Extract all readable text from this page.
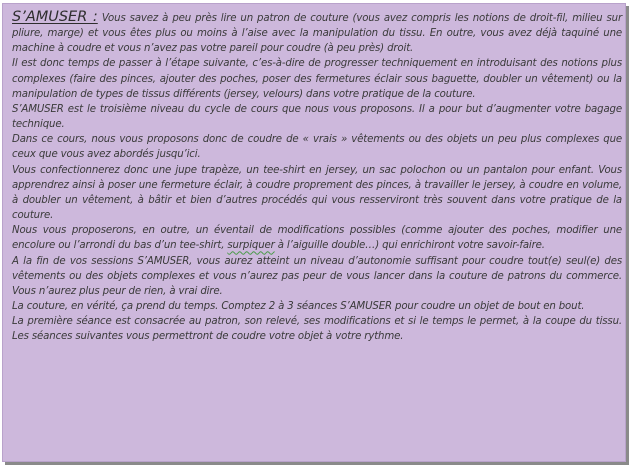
S’AMUSER : Vous savez à peu près lire un patron de couture (vous avez compris les notions de droit-fil, milieu sur pliure, marge) et vous êtes plus ou moins à l’aise avec la manipulation du tissu. En outre, vous avez déjà taquiné une machine à coudre et vous n’avez pas votre pareil pour coudre (à peu près) droit.

Il est donc temps de passer à l’étape suivante, c’es-à-dire de progresser techniquement en introduisant des notions plus complexes (faire des pinces, ajouter des poches, poser des fermetures éclair sous baguette, doubler un vêtement) ou la manipulation de types de tissus différents (jersey, velours) dans votre pratique de la couture.

S’AMUSER est le troisième niveau du cycle de cours que nous vous proposons. Il a pour but d’augmenter votre bagage technique.

Dans ce cours, nous vous proposons donc de coudre de « vrais » vêtements ou des objets un peu plus complexes que ceux que vous avez abordés jusqu’ici.

Vous confectionnerez donc une jupe trapèze, un tee-shirt en jersey, un sac polochon ou un pantalon pour enfant. Vous apprendrez ainsi à poser une fermeture éclair, à coudre proprement des pinces, à travailler le jersey, à coudre en volume, à doubler un vêtement, à bâtir et bien d’autres procédés qui vous resserviront très souvent dans votre pratique de la couture.

Nous vous proposerons, en outre, un éventail de modifications possibles (comme ajouter des poches, modifier une encolure ou l’arrondi du bas d’un tee-shirt, surpiquer à l’aiguille double…) qui enrichiront votre savoir-faire.

A la fin de vos sessions S’AMUSER, vous aurez atteint un niveau d’autonomie suffisant pour coudre tout(e) seul(e) des vêtements ou des objets complexes et vous n’aurez pas peur de vous lancer dans la couture de patrons du commerce. Vous n’aurez plus peur de rien, à vrai dire.

La couture, en vérité, ça prend du temps. Comptez 2 à 3 séances S’AMUSER pour coudre un objet de bout en bout.

La première séance est consacrée au patron, son relevé, ses modifications et si le temps le permet, à la coupe du tissu. Les séances suivantes vous permettront de coudre votre objet à votre rythme.
